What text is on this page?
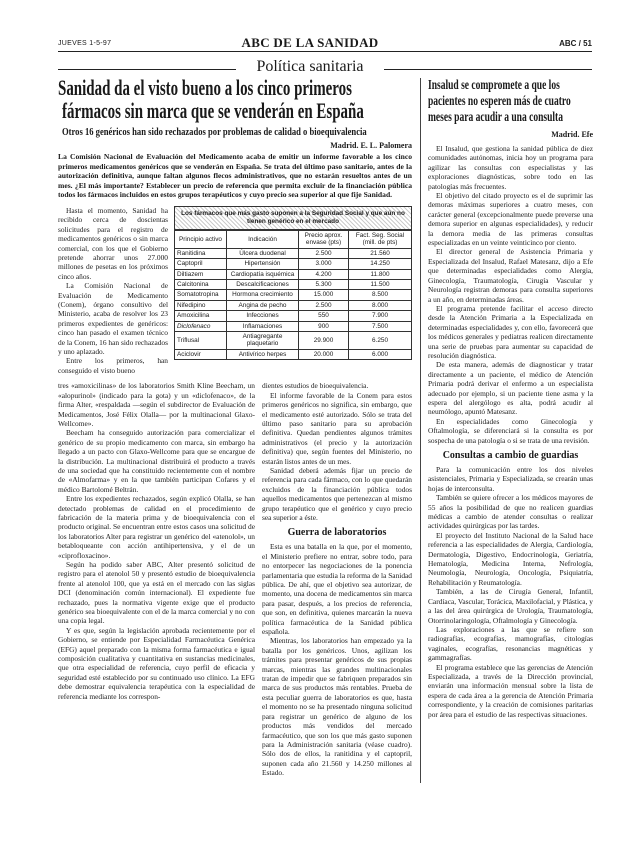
JUEVES 1-5-97	ABC DE LA SANIDAD	ABC / 51
Política sanitaria
Sanidad da el visto bueno a los cinco primeros
fármacos sin marca que se venderán en España
Otros 16 genéricos han sido rechazados por problemas de calidad o bioequivalencia
Madrid. E. L. Palomera
La Comisión Nacional de Evaluación del Medicamento acaba de emitir un informe favorable a los cinco primeros medicamentos genéricos que se venderán en España. Se trata del último paso sanitario, antes de la autorización definitiva, aunque faltan algunos flecos administrativos, que no estarán resueltos antes de un mes. ¿El más importante? Establecer un precio de referencia que permita excluir de la financiación pública todos los fármacos incluidos en estos grupos terapéuticos y cuyo precio sea superior al que fije Sanidad.

Hasta el momento, Sanidad ha recibido cerca de doscientas solicitudes para el registro de medicamentos genéricos o sin marca comercial, con los que el Gobierno pretende ahorrar unos 27.000 millones de pesetas en los próximos cinco años.

La Comisión Nacional de Evaluación de Medicamento (Conem), órgano consultivo del Ministerio, acaba de resolver los 23 primeros expedientes de genéricos: cinco han pasado el examen técnico de la Conem, 16 han sido rechazados y uno aplazado.

Entre los primeros, han conseguido el visto bueno

Los fármacos que más gasto suponen a la Seguridad Social y que aún no tienen genérico en el mercado
Principio activo	Indicación	Precio aprox. envase (pts)	Fact. Seg. Social (mill. de pts)
Ranitidina	Úlcera duodenal	2.500	21.560
Captopril	Hipertensión	3.000	14.250
Diltiazem	Cardiopatía isquémica	4.200	11.800
Calcitonina	Descalcificaciones	5.300	11.500
Somatotropina	Hormona crecimiento	15.000	8.500
Nifedipino	Angina de pecho	2.500	8.000
Amoxicilina	Infecciones	550	7.900
Diclofenaco	Inflamaciones	900	7.500
Triflusal	Antiagregante plaquetario	29.900	6.250
Aciclovir	Antivírico herpes	20.000	6.000

tres «amoxicilinas» de los laboratorios Smith Kline Beecham, un «alopurinol» (indicado para la gota) y un «diclofenaco», de la firma Alter, «respaldada —según el subdirector de Evaluación de Medicamentos, José Félix Olalla— por la multinacional Glaxo-Wellcome».

Beecham ha conseguido autorización para comercializar el genérico de su propio medicamento con marca, sin embargo ha llegado a un pacto con Glaxo-Wellcome para que se encargue de la distribución. La multinacional distribuirá el producto a través de una sociedad que ha constituido recientemente con el nombre de «Almofarma» y en la que también participan Cofares y el médico Bartolomé Beltrán.

Entre los expedientes rechazados, según explicó Olalla, se han detectado problemas de calidad en el procedimiento de fabricación de la materia prima y de bioequivalencia con el producto original. Se encuentran entre estos casos una solicitud de los laboratorios Alter para registrar un genérico del «atenolol», un betabloqueante con acción antihipertensiva, y el de un «ciprofloxacino».

Según ha podido saber ABC, Alter presentó solicitud de registro para el atenolol 50 y presentó estudio de bioequivalencia frente al atenolol 100, que ya está en el mercado con las siglas DCI (denominación común internacional). El expediente fue rechazado, pues la normativa vigente exige que el producto genérico sea bioequivalente con el de la marca comercial y no con una copia legal.

Y es que, según la legislación aprobada recientemente por el Gobierno, se entiende por Especialidad Farmacéutica Genérica (EFG) aquel preparado con la misma forma farmacéutica e igual composición cualitativa y cuantitativa en sustancias medicinales, que otra especialidad de referencia, cuyo perfil de eficacia y seguridad esté establecido por su continuado uso clínico. La EFG debe demostrar equivalencia terapéutica con la especialidad de referencia mediante los correspon-

dientes estudios de bioequivalencia.

El informe favorable de la Conem para estos primeros genéricos no significa, sin embargo, que el medicamento esté autorizado. Sólo se trata del último paso sanitario para su aprobación definitiva. Quedan pendientes algunos trámites administrativos (el precio y la autorización definitiva) que, según fuentes del Ministerio, no estarán listos antes de un mes.

Sanidad deberá además fijar un precio de referencia para cada fármaco, con lo que quedarán excluidos de la financiación pública todos aquellos medicamentos que pertenezcan al mismo grupo terapéutico que el genérico y cuyo precio sea superior a éste.

Guerra de laboratorios

Esta es una batalla en la que, por el momento, el Ministerio prefiere no entrar, sobre todo, para no entorpecer las negociaciones de la ponencia parlamentaria que estudia la reforma de la Sanidad pública. De ahí, que el objetivo sea autorizar, de momento, una docena de medicamentos sin marca para pasar, después, a los precios de referencia, que son, en definitiva, quienes marcarán la nueva política farmacéutica de la Sanidad pública española.

Mientras, los laboratorios han empezado ya la batalla por los genéricos. Unos, agilizan los trámites para presentar genéricos de sus propias marcas, mientras las grandes multinacionales tratan de impedir que se fabriquen preparados sin marca de sus productos más rentables. Prueba de esta peculiar guerra de laboratorios es que, hasta el momento no se ha presentado ninguna solicitud para registrar un genérico de alguno de los productos más vendidos del mercado farmacéutico, que son los que más gasto suponen para la Administración sanitaria (véase cuadro). Sólo dos de ellos, la ranitidina y el captopril, suponen cada año 21.560 y 14.250 millones al Estado.

Insalud se compromete a que los
pacientes no esperen más de cuatro
meses para acudir a una consulta
Madrid. Efe

El Insalud, que gestiona la sanidad pública de diez comunidades autónomas, inicia hoy un programa para agilizar las consultas con especialistas y las exploraciones diagnósticas, sobre todo en las patologías más frecuentes.

El objetivo del citado proyecto es el de suprimir las demoras máximas superiores a cuatro meses, con carácter general (excepcionalmente puede preverse una demora superior en algunas especialidades), y reducir la demora media de las primeras consultas especializadas en un veinte veinticinco por ciento.

El director general de Asistencia Primaria y Especializada del Insalud, Rafael Matesanz, dijo a Efe que determinadas especialidades como Alergia, Ginecología, Traumatología, Cirugía Vascular y Neurología registran demoras para consulta superiores a un año, en determinadas áreas.

El programa pretende facilitar el acceso directo desde la Atención Primaria a la Especializada en determinadas especialidades y, con ello, favorecerá que los médicos generales y pediatras realicen directamente una serie de pruebas para aumentar su capacidad de resolución diagnóstica.

De esta manera, además de diagnosticar y tratar directamente a un paciente, el médico de Atención Primaria podrá derivar el enfermo a un especialista adecuado por ejemplo, si un paciente tiene asma y la espera del alergólogo es alta, podrá acudir al neumólogo, apuntó Matesanz.

En especialidades como Ginecología y Oftalmología, se diferenciará si la consulta es por sospecha de una patología o si se trata de una revisión.

Consultas a cambio de guardias

Para la comunicación entre los dos niveles asistenciales, Primaria y Especializada, se crearán unas hojas de interconsulta.

También se quiere ofrecer a los médicos mayores de 55 años la posibilidad de que no realicen guardias médicas a cambio de atender consultas o realizar actividades quirúrgicas por las tardes.

El proyecto del Instituto Nacional de la Salud hace referencia a las especialidades de Alergia, Cardiología, Dermatología, Digestivo, Endocrinología, Geriatría, Hematología, Medicina Interna, Nefrología, Neumología, Neurología, Oncología, Psiquiatría, Rehabilitación y Reumatología.

También, a las de Cirugía General, Infantil, Cardíaca, Vascular, Torácica, Maxilofacial, y Plástica, y a las del área quirúrgica de Urología, Traumatología, Otorrinolaringología, Oftalmología y Ginecología.

Las exploraciones a las que se refiere son radiografías, ecografías, mamografías, citologías vaginales, ecografías, resonancias magnéticas y gammagrafías.

El programa establece que las gerencias de Atención Especializada, a través de la Dirección provincial, enviarán una información mensual sobre la lista de espera de cada área a la gerencia de Atención Primaria correspondiente, y la creación de comisiones paritarias por área para el estudio de las respectivas situaciones.
